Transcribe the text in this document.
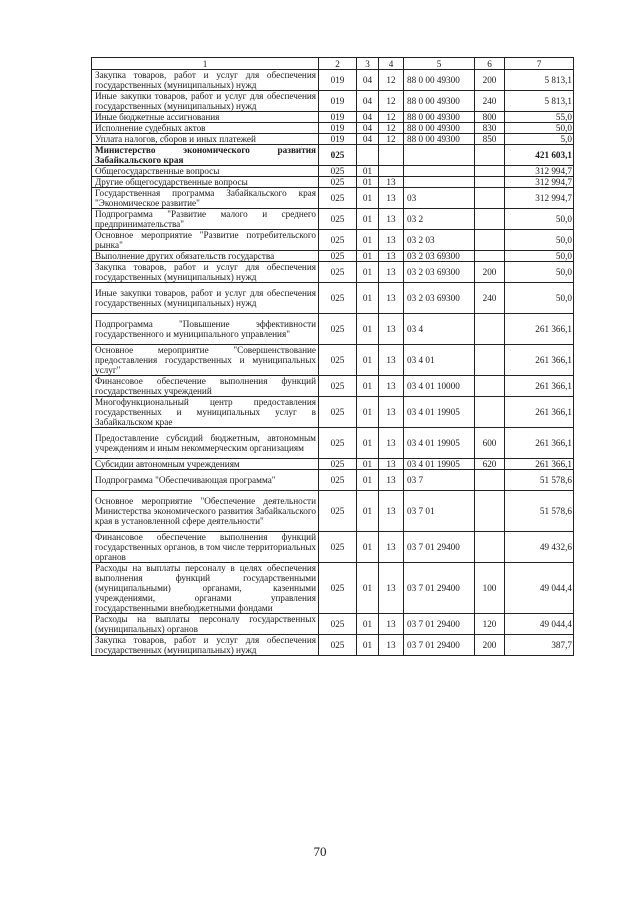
1	2	3	4	5	6	7
Закупка товаров, работ и услуг для обеспечения государственных (муниципальных) нужд	019	04	12	88 0 00 49300	200	5 813,1
Иные закупки товаров, работ и услуг для обеспечения государственных (муниципальных) нужд	019	04	12	88 0 00 49300	240	5 813,1
Иные бюджетные ассигнования	019	04	12	88 0 00 49300	800	55,0
Исполнение судебных актов	019	04	12	88 0 00 49300	830	50,0
Уплата налогов, сборов и иных платежей	019	04	12	88 0 00 49300	850	5,0
Министерство экономического развития Забайкальского края	025					421 603,1
Общегосударственные вопросы	025	01				312 994,7
Другие общегосударственные вопросы	025	01	13			312 994,7
Государственная программа Забайкальского края "Экономическое развитие"	025	01	13	03		312 994,7
Подпрограмма "Развитие малого и среднего предпринимательства"	025	01	13	03 2		50,0
Основное мероприятие "Развитие потребительского рынка"	025	01	13	03 2 03		50,0
Выполнение других обязательств государства	025	01	13	03 2 03 69300		50,0
Закупка товаров, работ и услуг для обеспечения государственных (муниципальных) нужд	025	01	13	03 2 03 69300	200	50,0
Иные закупки товаров, работ и услуг для обеспечения государственных (муниципальных) нужд	025	01	13	03 2 03 69300	240	50,0
Подпрограмма "Повышение эффективности государственного и муниципального управления"	025	01	13	03 4		261 366,1
Основное мероприятие "Совершенствование предоставления государственных и муниципальных услуг"	025	01	13	03 4 01		261 366,1
Финансовое обеспечение выполнения функций государственных учреждений	025	01	13	03 4 01 10000		261 366,1
Многофункциональный центр предоставления государственных и муниципальных услуг в Забайкальском крае	025	01	13	03 4 01 19905		261 366,1
Предоставление субсидий бюджетным, автономным учреждениям и иным некоммерческим организациям	025	01	13	03 4 01 19905	600	261 366,1
Субсидии автономным учреждениям	025	01	13	03 4 01 19905	620	261 366,1
Подпрограмма "Обеспечивающая программа"	025	01	13	03 7		51 578,6
Основное мероприятие "Обеспечение деятельности Министерства экономического развития Забайкальского края в установленной сфере деятельности"	025	01	13	03 7 01		51 578,6
Финансовое обеспечение выполнения функций государственных органов, в том числе территориальных органов	025	01	13	03 7 01 29400		49 432,6
Расходы на выплаты персоналу в целях обеспечения выполнения функций государственными (муниципальными) органами, казенными учреждениями, органами управления государственными внебюджетными фондами	025	01	13	03 7 01 29400	100	49 044,4
Расходы на выплаты персоналу государственных (муниципальных) органов	025	01	13	03 7 01 29400	120	49 044,4
Закупка товаров, работ и услуг для обеспечения государственных (муниципальных) нужд	025	01	13	03 7 01 29400	200	387,7
70
